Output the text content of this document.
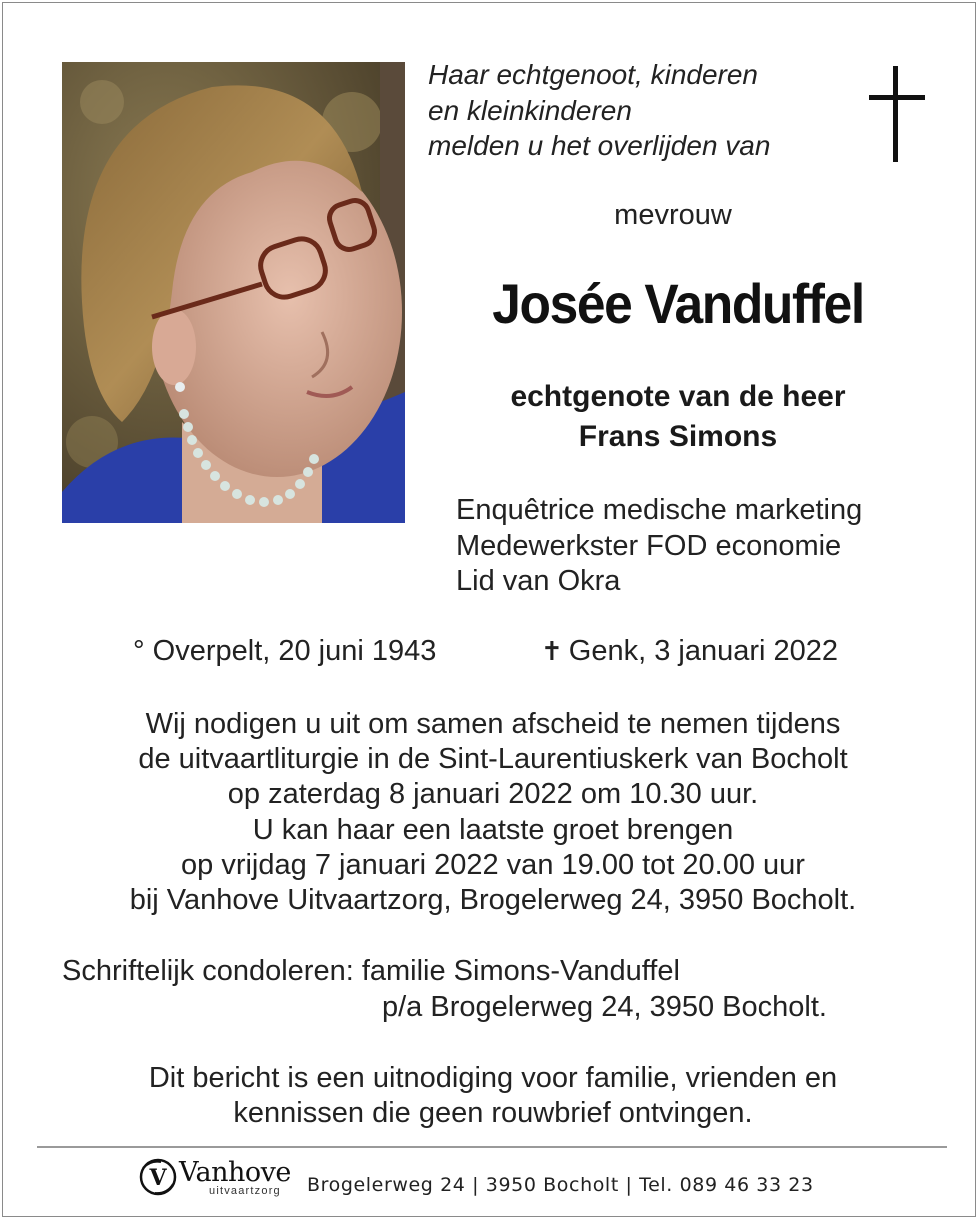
Haar echtgenoot, kinderen
en kleinkinderen
melden u het overlijden van
mevrouw
Josée Vanduffel
echtgenote van de heer
Frans Simons
Enquêtrice medische marketing
Medewerkster FOD economie
Lid van Okra
° Overpelt, 20 juni 1943	✝ Genk, 3 januari 2022
Wij nodigen u uit om samen afscheid te nemen tijdens
de uitvaartliturgie in de Sint-Laurentiuskerk van Bocholt
op zaterdag 8 januari 2022 om 10.30 uur.
U kan haar een laatste groet brengen
op vrijdag 7 januari 2022 van 19.00 tot 20.00 uur
bij Vanhove Uitvaartzorg, Brogelerweg 24, 3950 Bocholt.
Schriftelijk condoleren: familie Simons-Vanduffel
p/a Brogelerweg 24, 3950 Bocholt.
Dit bericht is een uitnodiging voor familie, vrienden en
kennissen die geen rouwbrief ontvingen.
V Vanhove
uitvaartzorg Brogelerweg 24 | 3950 Bocholt | Tel. 089 46 33 23
